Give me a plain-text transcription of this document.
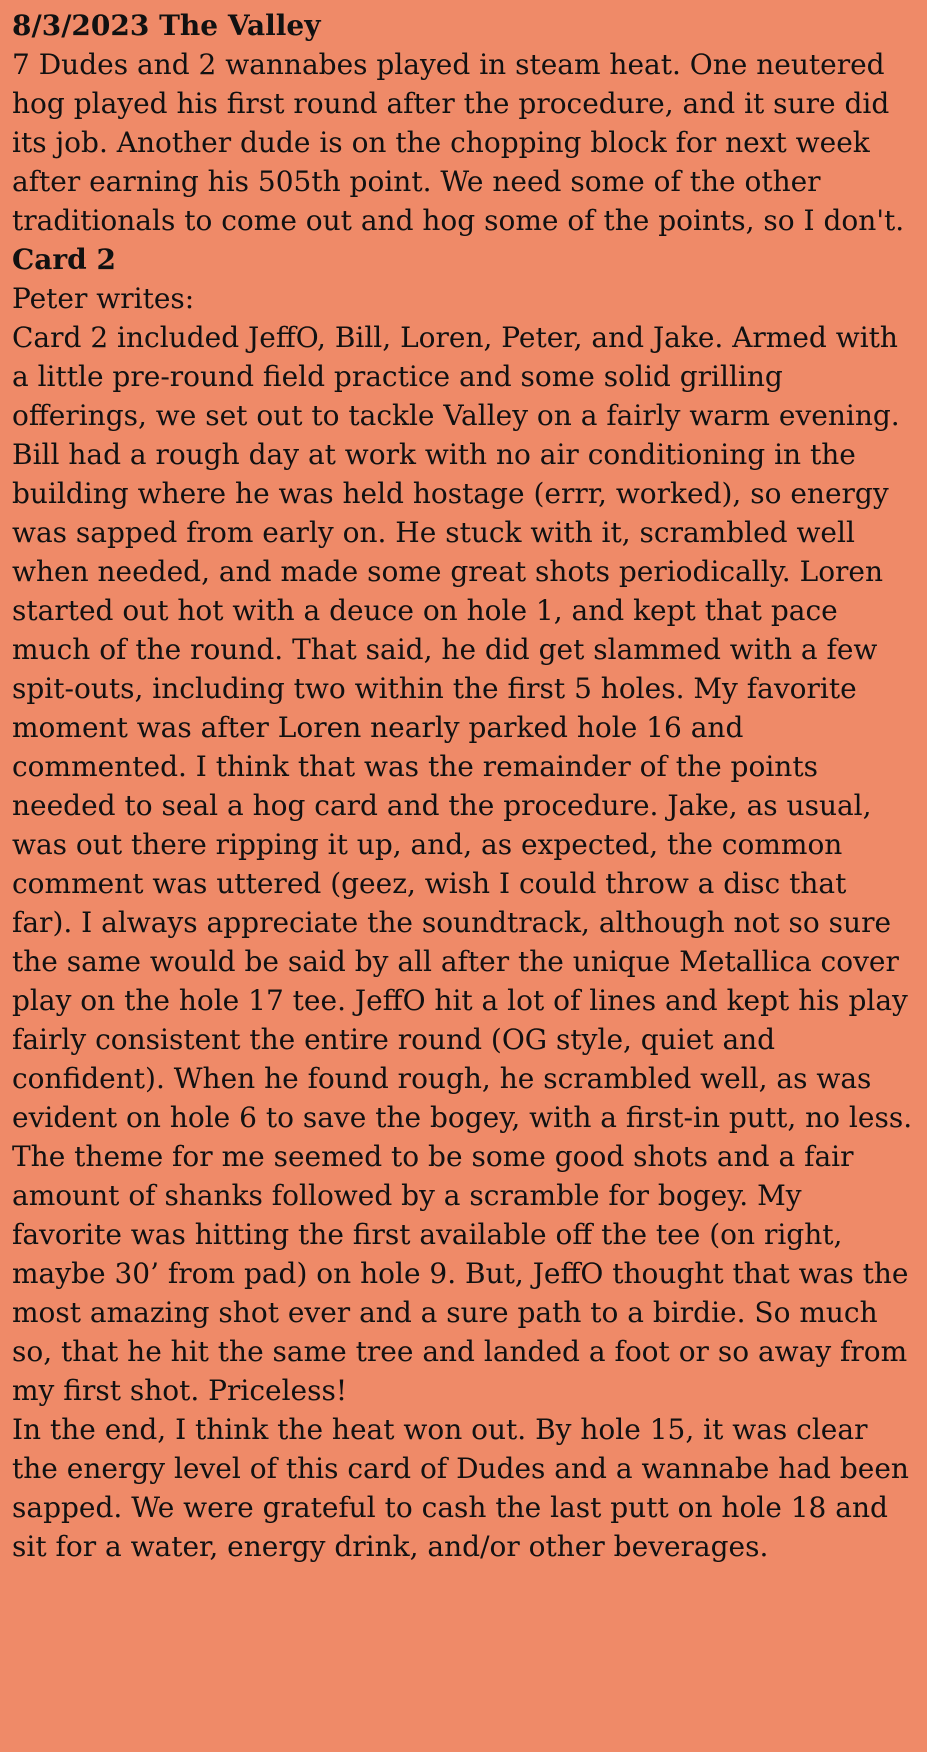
8/3/2023 The Valley

7 Dudes and 2 wannabes played in steam heat. One neutered hog played his first round after the procedure, and it sure did its job. Another dude is on the chopping block for next week after earning his 505th point. We need some of the other traditionals to come out and hog some of the points, so I don't.

Card 2

Peter writes:

Card 2 included JeffO, Bill, Loren, Peter, and Jake. Armed with a little pre-round field practice and some solid grilling offerings, we set out to tackle Valley on a fairly warm evening. Bill had a rough day at work with no air conditioning in the building where he was held hostage (errr, worked), so energy was sapped from early on. He stuck with it, scrambled well when needed, and made some great shots periodically. Loren started out hot with a deuce on hole 1, and kept that pace much of the round. That said, he did get slammed with a few spit-outs, including two within the first 5 holes. My favorite moment was after Loren nearly parked hole 16 and commented. I think that was the remainder of the points needed to seal a hog card and the procedure. Jake, as usual, was out there ripping it up, and, as expected, the common comment was uttered (geez, wish I could throw a disc that far). I always appreciate the soundtrack, although not so sure the same would be said by all after the unique Metallica cover play on the hole 17 tee. JeffO hit a lot of lines and kept his play fairly consistent the entire round (OG style, quiet and confident). When he found rough, he scrambled well, as was evident on hole 6 to save the bogey, with a first-in putt, no less. The theme for me seemed to be some good shots and a fair amount of shanks followed by a scramble for bogey. My favorite was hitting the first available off the tee (on right, maybe 30’ from pad) on hole 9. But, JeffO thought that was the most amazing shot ever and a sure path to a birdie. So much so, that he hit the same tree and landed a foot or so away from my first shot. Priceless!

In the end, I think the heat won out. By hole 15, it was clear the energy level of this card of Dudes and a wannabe had been sapped. We were grateful to cash the last putt on hole 18 and sit for a water, energy drink, and/or other beverages.
